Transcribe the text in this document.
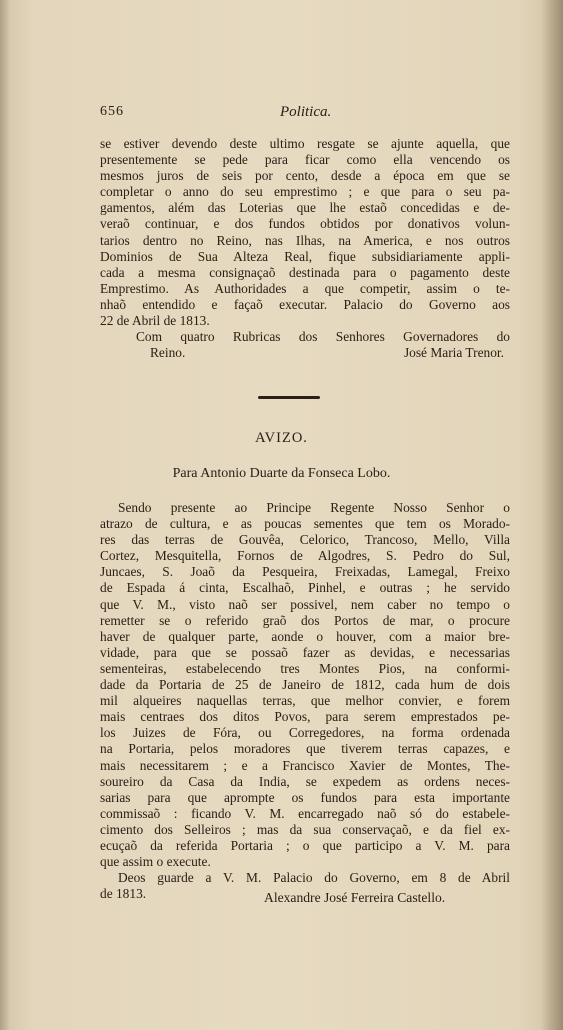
656	Politica.
se estiver devendo deste ultimo resgate se ajunte aquella, que
presentemente se pede para ficar como ella vencendo os
mesmos juros de seis por cento, desde a época em que se
completar o anno do seu emprestimo ; e que para o seu pa-
gamentos, além das Loterias que lhe estaõ concedidas e de-
veraõ continuar, e dos fundos obtidos por donativos volun-
tarios dentro no Reino, nas Ilhas, na America, e nos outros
Dominios de Sua Alteza Real, fique subsidiariamente appli-
cada a mesma consignaçaõ destinada para o pagamento deste
Emprestimo. As Authoridades a que competir, assim o te-
nhaõ entendido e façaõ executar. Palacio do Governo aos
22 de Abril de 1813.
Com quatro Rubricas dos Senhores Governadores do
Reino.	José Maria Trenor.
AVIZO.
Para Antonio Duarte da Fonseca Lobo.
Sendo presente ao Principe Regente Nosso Senhor o
atrazo de cultura, e as poucas sementes que tem os Morado-
res das terras de Gouvêa, Celorico, Trancoso, Mello, Villa
Cortez, Mesquitella, Fornos de Algodres, S. Pedro do Sul,
Juncaes, S. Joaõ da Pesqueira, Freixadas, Lamegal, Freixo
de Espada á cinta, Escalhaõ, Pinhel, e outras ; he servido
que V. M., visto naõ ser possivel, nem caber no tempo o
remetter se o referido graõ dos Portos de mar, o procure
haver de qualquer parte, aonde o houver, com a maior bre-
vidade, para que se possaõ fazer as devidas, e necessarias
sementeiras, estabelecendo tres Montes Pios, na conformi-
dade da Portaria de 25 de Janeiro de 1812, cada hum de dois
mil alqueires naquellas terras, que melhor convier, e forem
mais centraes dos ditos Povos, para serem emprestados pe-
los Juizes de Fóra, ou Corregedores, na forma ordenada
na Portaria, pelos moradores que tiverem terras capazes, e
mais necessitarem ; e a Francisco Xavier de Montes, The-
soureiro da Casa da India, se expedem as ordens neces-
sarias para que apromptе os fundos para esta importante
commissaõ : ficando V. M. encarregado naõ só do estabele-
cimento dos Selleiros ; mas da sua conservaçaõ, e da fiel ex-
ecuçaõ da referida Portaria ; o que participo a V. M. para
que assim o execute.
Deos guarde a V. M. Palacio do Governo, em 8 de Abril
de 1813.	Alexandre José Ferreira Castello.
